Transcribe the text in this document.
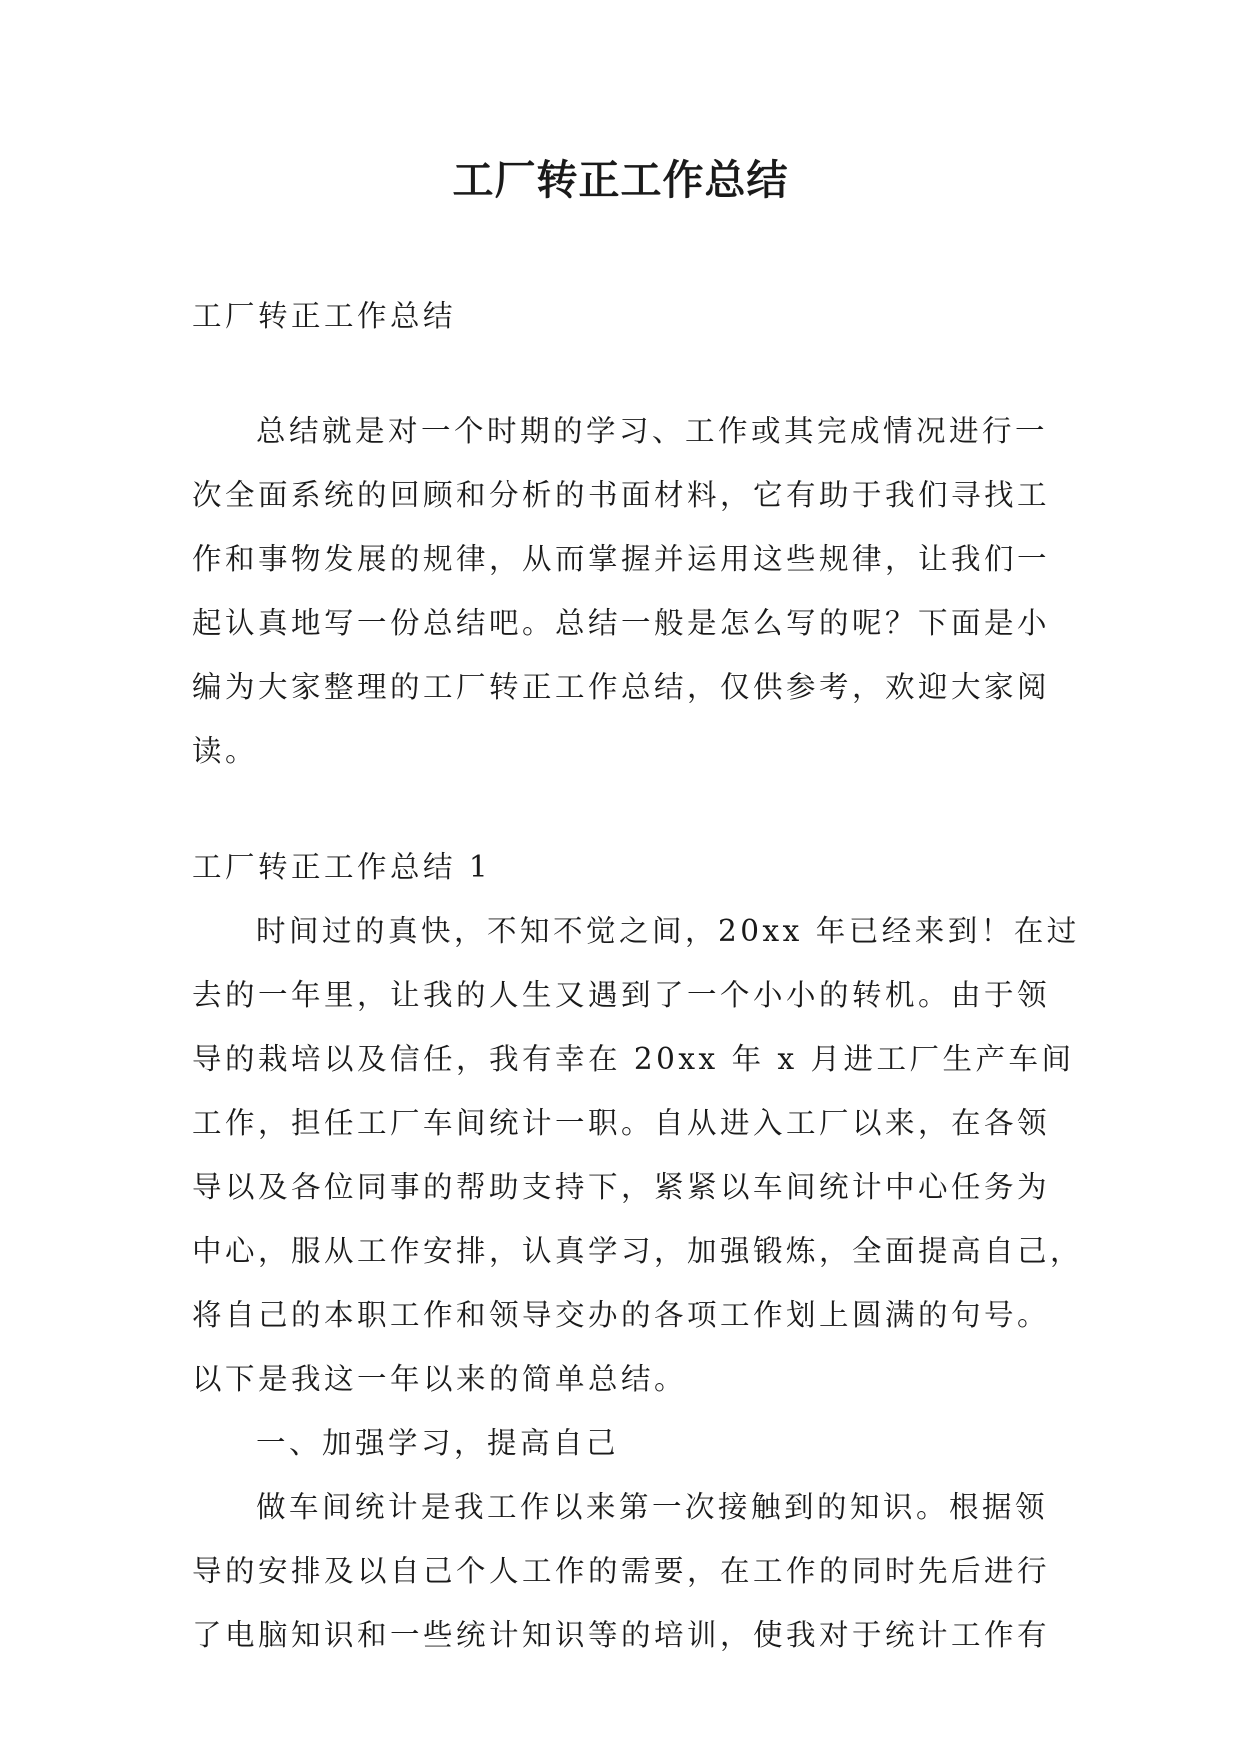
工厂转正工作总结

工厂转正工作总结

总结就是对一个时期的学习、工作或其完成情况进行一

次全面系统的回顾和分析的书面材料，它有助于我们寻找工

作和事物发展的规律，从而掌握并运用这些规律，让我们一

起认真地写一份总结吧。总结一般是怎么写的呢？下面是小

编为大家整理的工厂转正工作总结，仅供参考，欢迎大家阅

读。

工厂转正工作总结 1

时间过的真快，不知不觉之间，20xx 年已经来到！在过

去的一年里，让我的人生又遇到了一个小小的转机。由于领

导的栽培以及信任，我有幸在 20xx 年 x 月进工厂生产车间

工作，担任工厂车间统计一职。自从进入工厂以来，在各领

导以及各位同事的帮助支持下，紧紧以车间统计中心任务为

中心，服从工作安排，认真学习，加强锻炼，全面提高自己，

将自己的本职工作和领导交办的各项工作划上圆满的句号。

以下是我这一年以来的简单总结。

一、加强学习，提高自己

做车间统计是我工作以来第一次接触到的知识。根据领

导的安排及以自己个人工作的需要，在工作的同时先后进行

了电脑知识和一些统计知识等的培训，使我对于统计工作有
